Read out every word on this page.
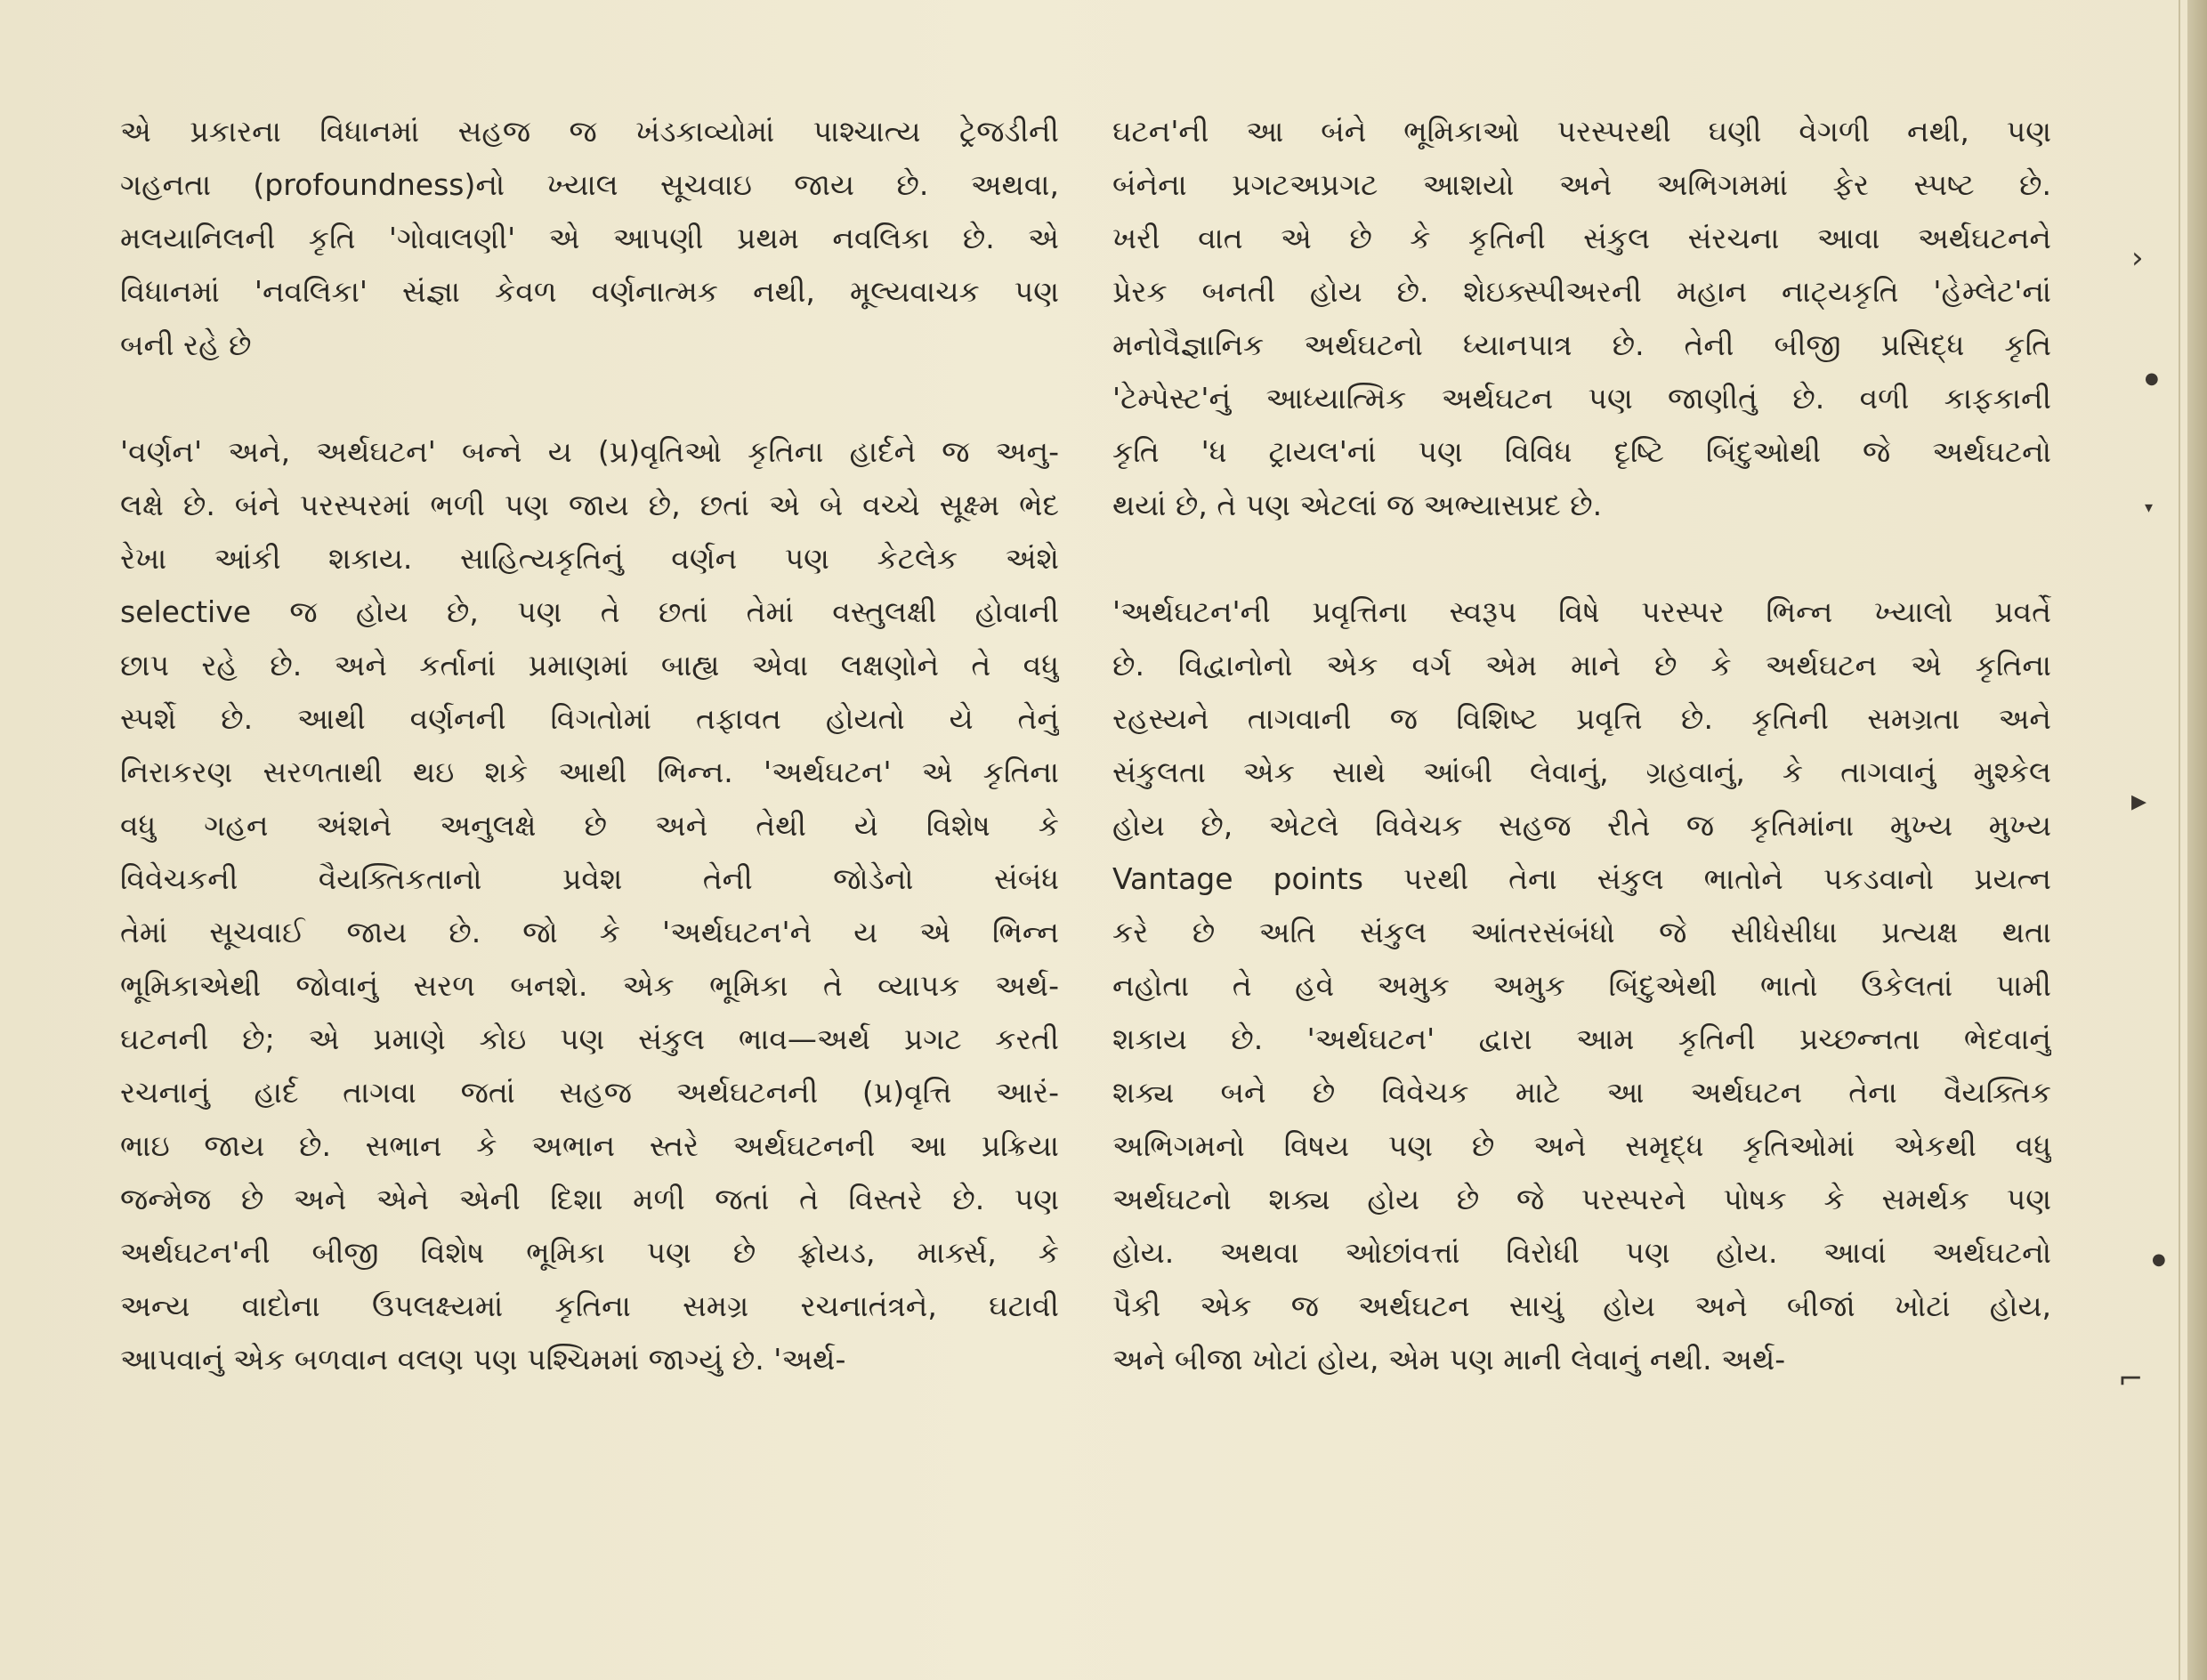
એ પ્રકારના વિધાનમાં સહજ જ ખંડકાવ્યોમાં પાશ્ચાત્ય ટ્રેજડીની
ગહનતા (profoundness)નો ખ્યાલ સૂચવાઇ જાય છે. અથવા,
મલયાનિલની કૃતિ 'ગોવાલણી' એ આપણી પ્રથમ નવલિકા છે. એ
વિધાનમાં 'નવલિકા' સંજ્ઞા કેવળ વર્ણનાત્મક નથી, મૂલ્યવાચક પણ
બની રહે છે
'વર્ણન' અને, અર્થઘટન' બન્ને ય (પ્ર)વૃતિઓ કૃતિના હાર્દને જ અનુ-
લક્ષે છે. બંને પરસ્પરમાં ભળી પણ જાય છે, છતાં એ બે વચ્ચે સૂક્ષ્મ ભેદ
રેખા આંકી શકાય. સાહિત્યકૃતિનું વર્ણન પણ કેટલેક અંશે
selective જ હોય છે, પણ તે છતાં તેમાં વસ્તુલક્ષી હોવાની
છાપ રહે છે. અને કર્તાનાં પ્રમાણમાં બાહ્ય એવા લક્ષણોને તે વધુ
સ્પર્શે છે. આથી વર્ણનની વિગતોમાં તફાવત હોયતો યે તેનું
નિરાકરણ સરળતાથી થઇ શકે આથી ભિન્ન. 'અર્થઘટન' એ કૃતિના
વધુ ગહન અંશને અનુલક્ષે છે અને તેથી યે વિશેષ કે
વિવેચકની વૈયક્તિકતાનો પ્રવેશ તેની જોડેનો સંબંધ
તેમાં સૂચવાઈ જાય છે. જો કે 'અર્થઘટન'ને ય એ ભિન્ન
ભૂમિકાએથી જોવાનું સરળ બનશે. એક ભૂમિકા તે વ્યાપક અર્થ-
ઘટનની છે; એ પ્રમાણે કોઇ પણ સંકુલ ભાવ—અર્થ પ્રગટ કરતી
રચનાનું હાર્દ તાગવા જતાં સહજ અર્થઘટનની (પ્ર)વૃત્તિ આરં-
ભાઇ જાય છે. સભાન કે અભાન સ્તરે અર્થઘટનની આ પ્રક્રિયા
જન્મેજ છે અને એને એની દિશા મળી જતાં તે વિસ્તરે છે. પણ
અર્થઘટન'ની બીજી વિશેષ ભૂમિકા પણ છે ફ્રોયડ, માર્ક્સ, કે
અન્ય વાદોના ઉપલક્ષ્યમાં કૃતિના સમગ્ર રચનાતંત્રને, ઘટાવી
આપવાનું એક બળવાન વલણ પણ પશ્ચિમમાં જાગ્યું છે. 'અર્થ-
ઘટન'ની આ બંને ભૂમિકાઓ પરસ્પરથી ઘણી વેગળી નથી, પણ
બંનેના પ્રગટઅપ્રગટ આશયો અને અભિગમમાં ફેર સ્પષ્ટ છે.
ખરી વાત એ છે કે કૃતિની સંકુલ સંરચના આવા અર્થઘટનને
પ્રેરક બનતી હોય છે. શેઇક્સ્પીઅરની મહાન નાટ્યકૃતિ 'હેમ્લેટ'નાં
મનોવૈજ્ઞાનિક અર્થઘટનો ધ્યાનપાત્ર છે. તેની બીજી પ્રસિદ્ધ કૃતિ
'ટેમ્પેસ્ટ'નું આધ્યાત્મિક અર્થઘટન પણ જાણીતું છે. વળી કાફકાની
કૃતિ 'ધ ટ્રાયલ'નાં પણ વિવિધ દૃષ્ટિ બિંદુઓથી જે અર્થઘટનો
થયાં છે, તે પણ એટલાં જ અભ્યાસપ્રદ છે.
'અર્થઘટન'ની પ્રવૃત્તિના સ્વરૂપ વિષે પરસ્પર ભિન્ન ખ્યાલો પ્રવર્તે
છે. વિદ્વાનોનો એક વર્ગ એમ માને છે કે અર્થઘટન એ કૃતિના
રહસ્યને તાગવાની જ વિશિષ્ટ પ્રવૃત્તિ છે. કૃતિની સમગ્રતા અને
સંકુલતા એક સાથે આંબી લેવાનું, ગ્રહવાનું, કે તાગવાનું મુશ્કેલ
હોય છે, એટલે વિવેચક સહજ રીતે જ કૃતિમાંના મુખ્ય મુખ્ય
Vantage points પરથી તેના સંકુલ ભાતોને પકડવાનો પ્રયત્ન
કરે છે અતિ સંકુલ આંતરસંબંધો જે સીધેસીધા પ્રત્યક્ષ થતા
નહોતા તે હવે અમુક અમુક બિંદુએથી ભાતો ઉકેલતાં પામી
શકાય છે. 'અર્થઘટન' દ્વારા આમ કૃતિની પ્રચ્છન્નતા ભેદવાનું
શક્ય બને છે વિવેચક માટે આ અર્થઘટન તેના વૈયક્તિક
અભિગમનો વિષય પણ છે અને સમૃદ્ધ કૃતિઓમાં એકથી વધુ
અર્થઘટનો શક્ય હોય છે જે પરસ્પરને પોષક કે સમર્થક પણ
હોય. અથવા ઓછાંવત્તાં વિરોધી પણ હોય. આવાં અર્થઘટનો
પૈકી એક જ અર્થઘટન સાચું હોય અને બીજાં ખોટાં હોય,
અને બીજા ખોટાં હોય, એમ પણ માની લેવાનું નથી. અર્થ-
›
●
▾
▸
●
⌐
